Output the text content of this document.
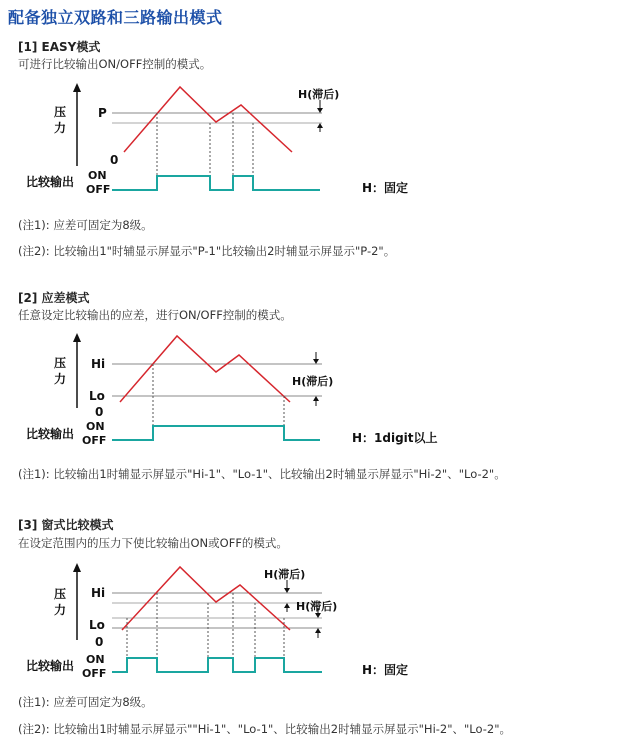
配备独立双路和三路输出模式
[1] EASY模式
可进行比较输出ON/OFF控制的模式。
压
力
P
0
H(滞后)
比较输出 ON
OFF	H：固定
(注1): 应差可固定为8级。
(注2): 比较输出1"时辅显示屏显示"P-1"比较输出2时辅显示屏显示"P-2"。
[2] 应差模式
任意设定比较输出的应差，进行ON/OFF控制的模式。
压
力
Hi
Lo
0
H(滞后)
比较输出
ON
OFF	H：1digit以上
(注1): 比较输出1时辅显示屏显示"Hi-1"、"Lo-1"、比较输出2时辅显示屏显示"Hi-2"、"Lo-2"。
[3] 窗式比较模式
在设定范围内的压力下使比较输出ON或OFF的模式。
压
力
Hi
Lo
0
H(滞后)
H(滞后)
比较输出 ON
OFF	H：固定
(注1): 应差可固定为8级。
(注2): 比较输出1时辅显示屏显示""Hi-1"、"Lo-1"、比较输出2时辅显示屏显示"Hi-2"、"Lo-2"。
